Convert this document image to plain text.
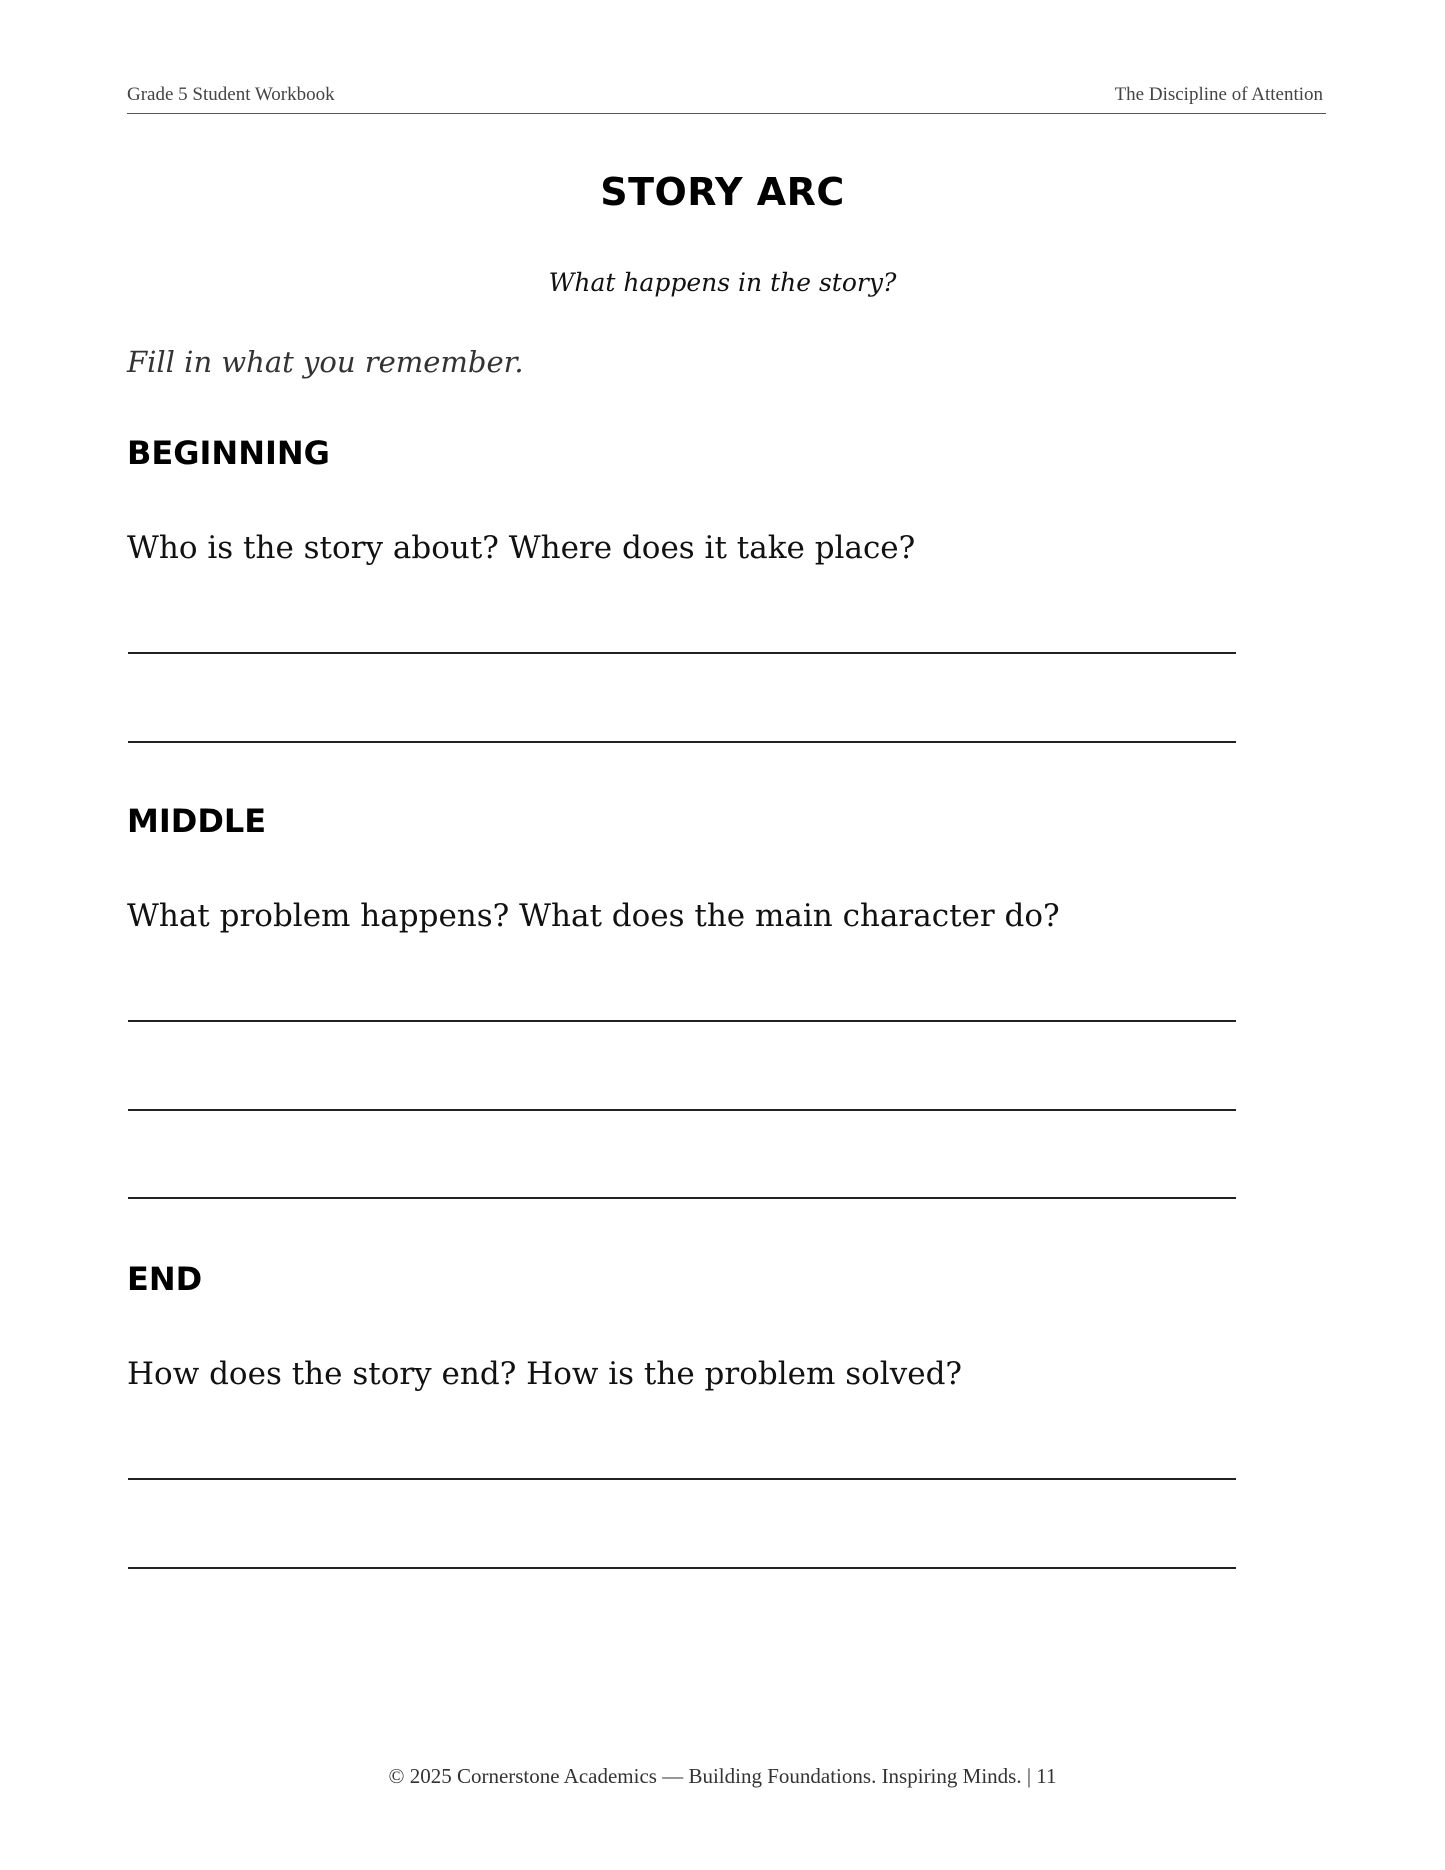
Grade 5 Student Workbook	The Discipline of Attention
STORY ARC

What happens in the story?

Fill in what you remember.

BEGINNING

Who is the story about? Where does it take place?

MIDDLE

What problem happens? What does the main character do?

END

How does the story end? How is the problem solved?

© 2025 Cornerstone Academics — Building Foundations. Inspiring Minds. | 11
